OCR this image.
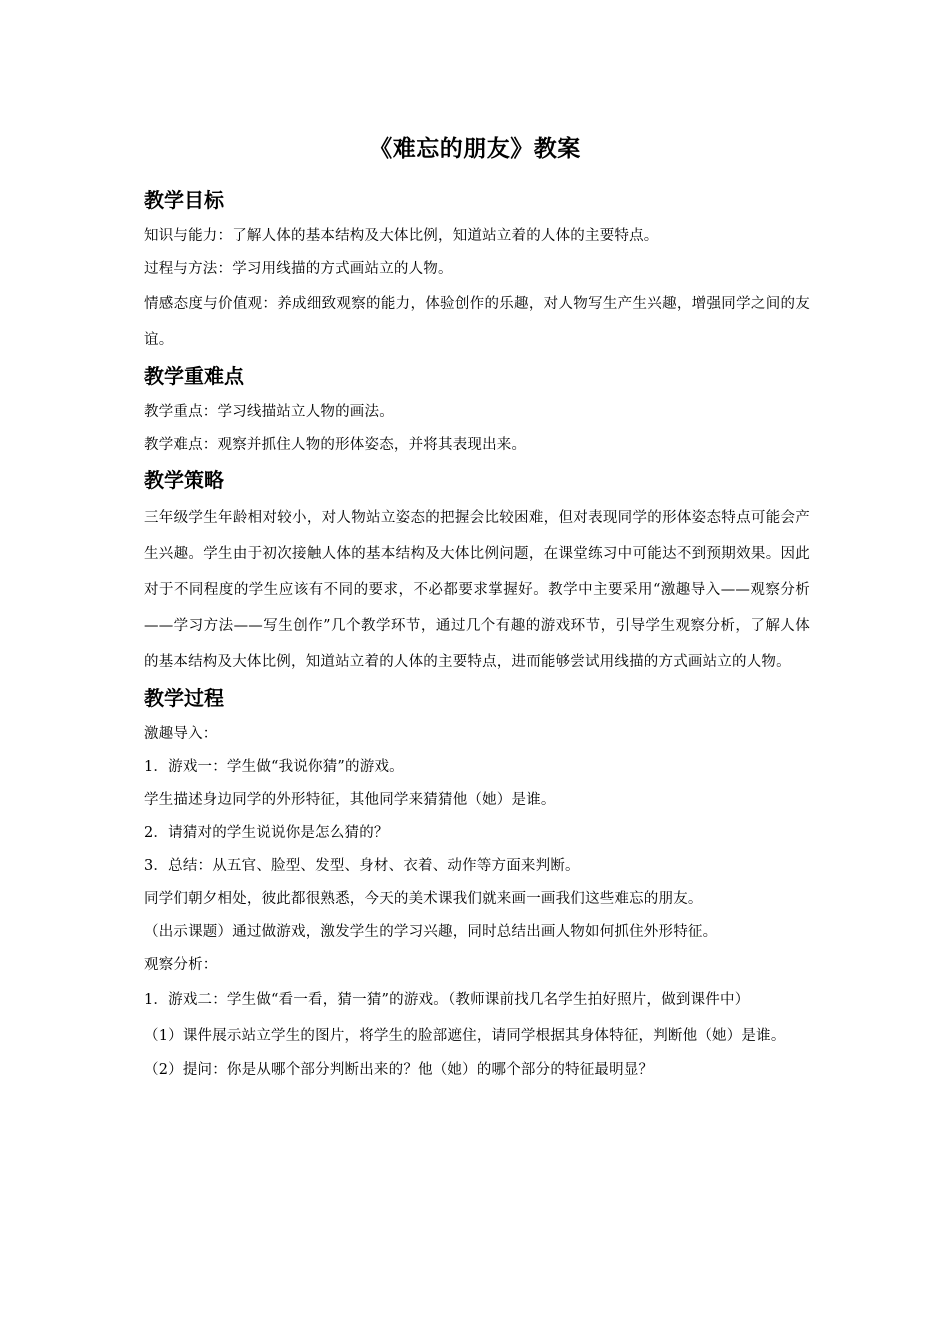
《难忘的朋友》教案
教学目标
知识与能力：了解人体的基本结构及大体比例，知道站立着的人体的主要特点。
过程与方法：学习用线描的方式画站立的人物。
情感态度与价值观：养成细致观察的能力，体验创作的乐趣，对人物写生产生兴趣，增强同学之间的友谊。
教学重难点
教学重点：学习线描站立人物的画法。
教学难点：观察并抓住人物的形体姿态，并将其表现出来。
教学策略
三年级学生年龄相对较小，对人物站立姿态的把握会比较困难，但对表现同学的形体姿态特点可能会产生兴趣。学生由于初次接触人体的基本结构及大体比例问题，在课堂练习中可能达不到预期效果。因此对于不同程度的学生应该有不同的要求，不必都要求掌握好。教学中主要采用“激趣导入——观察分析——学习方法——写生创作”几个教学环节，通过几个有趣的游戏环节，引导学生观察分析，了解人体的基本结构及大体比例，知道站立着的人体的主要特点，进而能够尝试用线描的方式画站立的人物。
教学过程
激趣导入：
1．游戏一：学生做“我说你猜”的游戏。
学生描述身边同学的外形特征，其他同学来猜猜他（她）是谁。
2．请猜对的学生说说你是怎么猜的？
3．总结：从五官、脸型、发型、身材、衣着、动作等方面来判断。
同学们朝夕相处，彼此都很熟悉，今天的美术课我们就来画一画我们这些难忘的朋友。
（出示课题）通过做游戏，激发学生的学习兴趣，同时总结出画人物如何抓住外形特征。
观察分析：
1．游戏二：学生做“看一看，猜一猜”的游戏。（教师课前找几名学生拍好照片，做到课件中）
（1）课件展示站立学生的图片，将学生的脸部遮住，请同学根据其身体特征，判断他（她）是谁。
（2）提问：你是从哪个部分判断出来的？他（她）的哪个部分的特征最明显？
